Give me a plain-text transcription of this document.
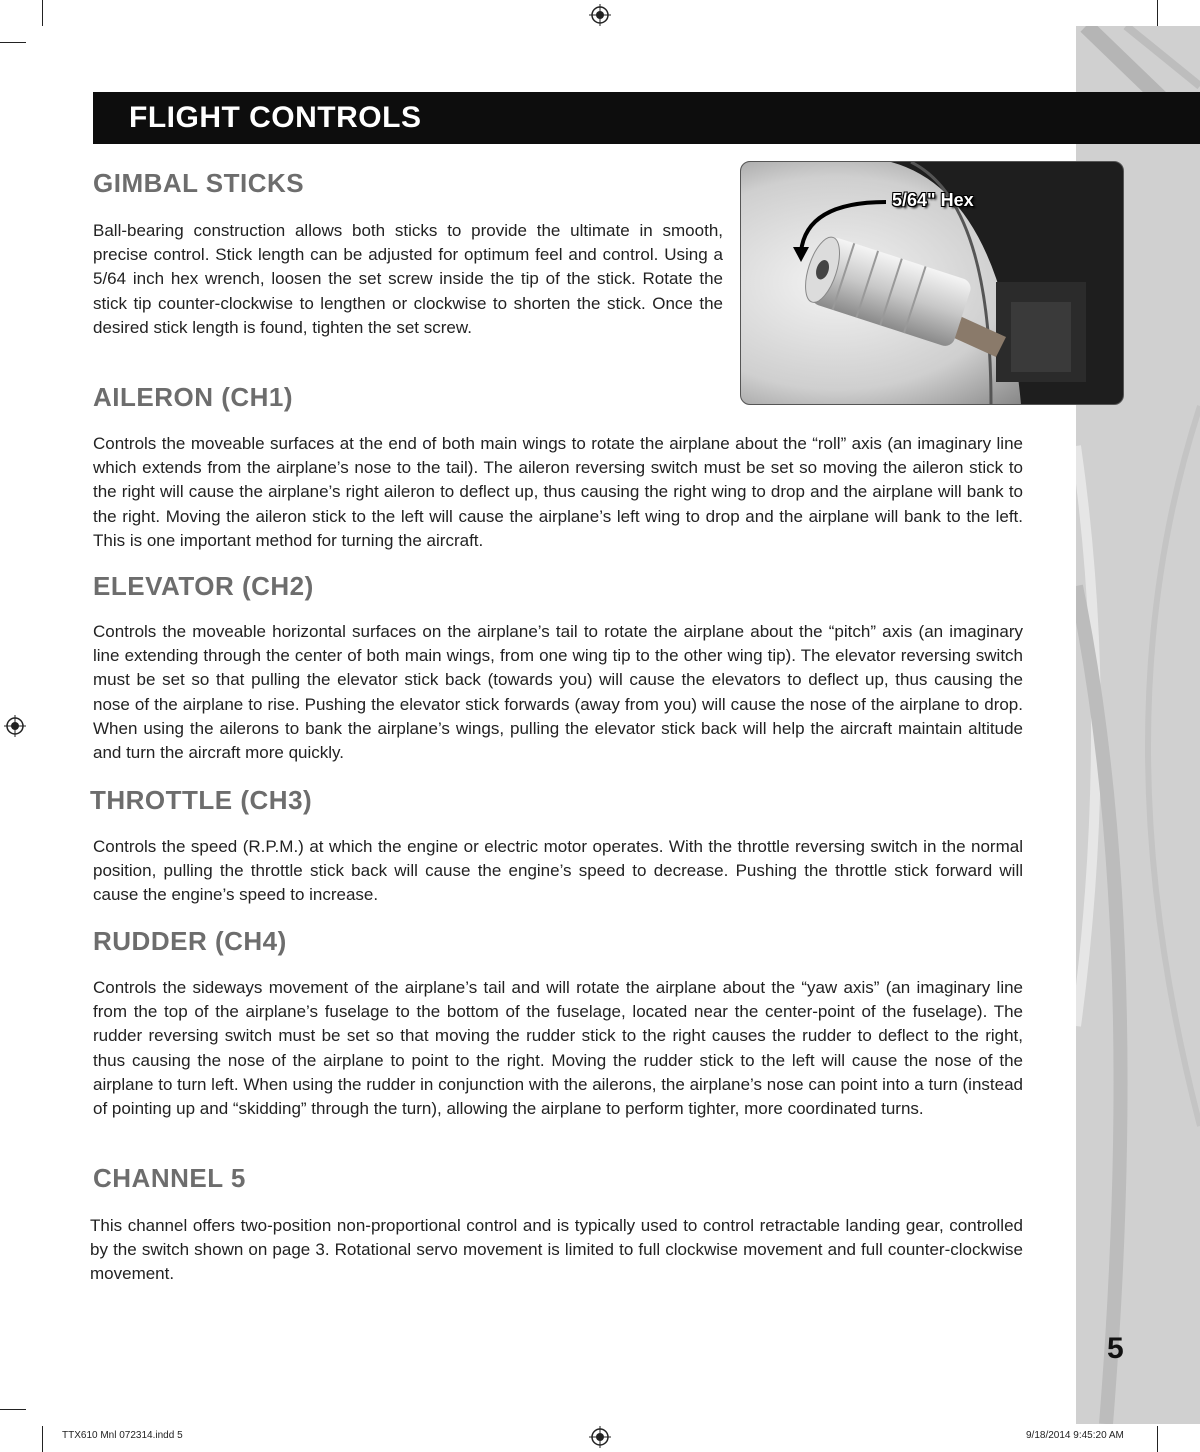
5
FLIGHT CONTROLS
5/64" Hex
GIMBAL STICKS

Ball-bearing construction allows both sticks to provide the ultimate in smooth, precise control. Stick length can be adjusted for optimum feel and control. Using a 5/64 inch hex wrench, loosen the set screw inside the tip of the stick. Rotate the stick tip counter-clockwise to lengthen or clockwise to shorten the stick. Once the desired stick length is found, tighten the set screw.

AILERON (CH1)

Controls the moveable surfaces at the end of both main wings to rotate the airplane about the “roll” axis (an imaginary line which extends from the airplane’s nose to the tail). The aileron reversing switch must be set so moving the aileron stick to the right will cause the airplane’s right aileron to deflect up, thus causing the right wing to drop and the airplane will bank to the right. Moving the aileron stick to the left will cause the airplane’s left wing to drop and the airplane will bank to the left. This is one important method for turning the aircraft.

ELEVATOR (CH2)

Controls the moveable horizontal surfaces on the airplane’s tail to rotate the airplane about the “pitch” axis (an imaginary line extending through the center of both main wings, from one wing tip to the other wing tip). The elevator reversing switch must be set so that pulling the elevator stick back (towards you) will cause the elevators to deflect up, thus causing the nose of the airplane to rise. Pushing the elevator stick forwards (away from you) will cause the nose of the airplane to drop. When using the ailerons to bank the airplane’s wings, pulling the elevator stick back will help the aircraft maintain altitude and turn the aircraft more quickly.

THROTTLE (CH3)

Controls the speed (R.P.M.) at which the engine or electric motor operates. With the throttle reversing switch in the normal position, pulling the throttle stick back will cause the engine’s speed to decrease. Pushing the throttle stick forward will cause the engine’s speed to increase.

RUDDER (CH4)

Controls the sideways movement of the airplane’s tail and will rotate the airplane about the “yaw axis” (an imaginary line from the top of the airplane’s fuselage to the bottom of the fuselage, located near the center-point of the fuselage). The rudder reversing switch must be set so that moving the rudder stick to the right causes the rudder to deflect to the right, thus causing the nose of the airplane to point to the right. Moving the rudder stick to the left will cause the nose of the airplane to turn left. When using the rudder in conjunction with the ailerons, the airplane’s nose can point into a turn (instead of pointing up and “skidding” through the turn), allowing the airplane to perform tighter, more coordinated turns.

CHANNEL 5

This channel offers two-position non-proportional control and is typically used to control retractable landing gear, controlled by the switch shown on page 3. Rotational servo movement is limited to full clockwise movement and full counter-clockwise movement.

TTX610 Mnl 072314.indd 5	9/18/2014 9:45:20 AM
